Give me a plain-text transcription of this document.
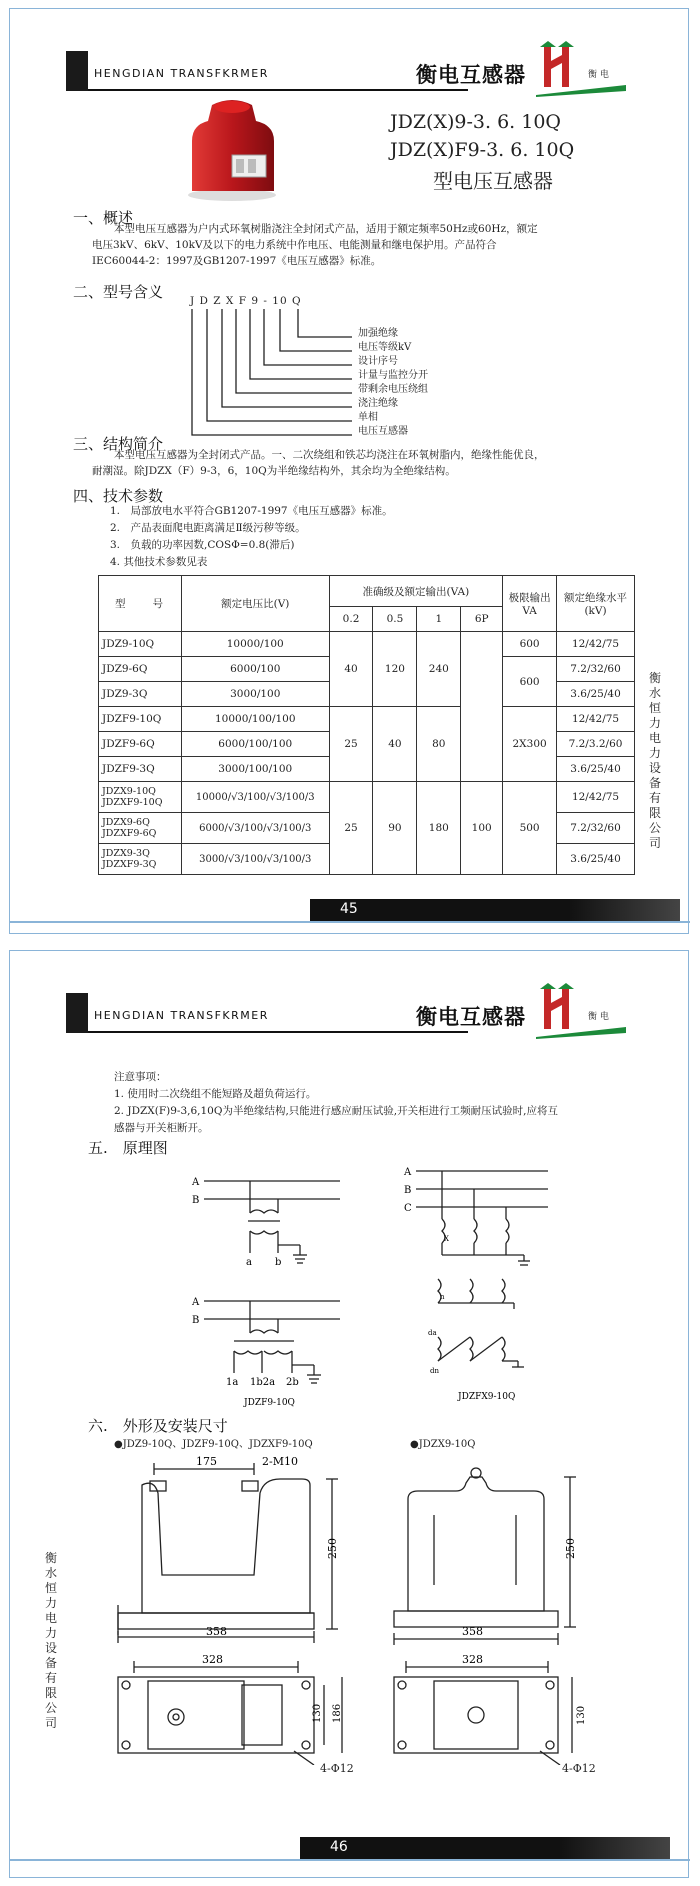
HENGDIAN TRANSFKRMER	衡电互感器	衡 电
JDZ(X)9-3. 6. 10Q
JDZ(X)F9-3. 6. 10Q
型电压互感器
一、概述
本型电压互感器为户内式环氧树脂浇注全封闭式产品，适用于额定频率50Hz或60Hz，额定
电压3kV、6kV、10kV及以下的电力系统中作电压、电能测量和继电保护用。产品符合
IEC60044-2：1997及GB1207-1997《电压互感器》标准。
二、型号含义	J D Z X F 9 - 10 Q
加强绝缘
电压等级kV
设计序号
计量与监控分开
带剩余电压绕组
浇注绝缘
单相
电压互感器
三、结构简介
本型电压互感器为全封闭式产品。一、二次绕组和铁芯均浇注在环氧树脂内，绝缘性能优良，
耐潮湿。除JDZX（F）9-3，6，10Q为半绝缘结构外，其余均为全绝缘结构。
四、技术参数
1.　局部放电水平符合GB1207-1997《电压互感器》标准。
2.　产品表面爬电距离满足Ⅱ级污秽等级。
3.　负载的功率因数,COSΦ=0.8(滞后)
4. 其他技术参数见表
型　　号	额定电压比(V)	准确级及额定输出(VA)				极限输出VA	额定绝缘水平(kV)
		0.2	0.5	1	6P		
JDZ9-10Q	10000/100	40	120	240		600	12/42/75
JDZ9-6Q	6000/100					600	7.2/32/60
JDZ9-3Q	3000/100						3.6/25/40
JDZF9-10Q	10000/100/100	25	40	80		2X300	12/42/75
JDZF9-6Q	6000/100/100						7.2/3.2/60
JDZF9-3Q	3000/100/100						3.6/25/40
JDZX9-10Q
JDZXF9-10Q	10000/√3/100/√3/100/3	25	90	180	100	500	12/42/75
JDZX9-6Q
JDZXF9-6Q	6000/√3/100/√3/100/3						7.2/32/60
JDZX9-3Q
JDZXF9-3Q	3000/√3/100/√3/100/3						3.6/25/40
衡水恒力电力设备有限公司
45
HENGDIAN TRANSFKRMER	衡电互感器	衡 电
注意事项：
1. 使用时二次绕组不能短路及超负荷运行。
2. JDZX(F)9-3,6,10Q为半绝缘结构,只能进行感应耐压试验,开关柜进行工频耐压试验时,应将互
感器与开关柜断开。
五.　原理图
A
B
a b
A
B
1a 1b2a 2b
JDZF9-10Q
A
B
C
X
n
da
dn
JDZFX9-10Q
六.　外形及安装尺寸
●JDZ9-10Q、JDZF9-10Q、JDZXF9-10Q	●JDZX9-10Q
175	2-M10
250
358
328
130 186
4-Φ12
250
358
328
130
4-Φ12
衡水恒力电力设备有限公司
46
